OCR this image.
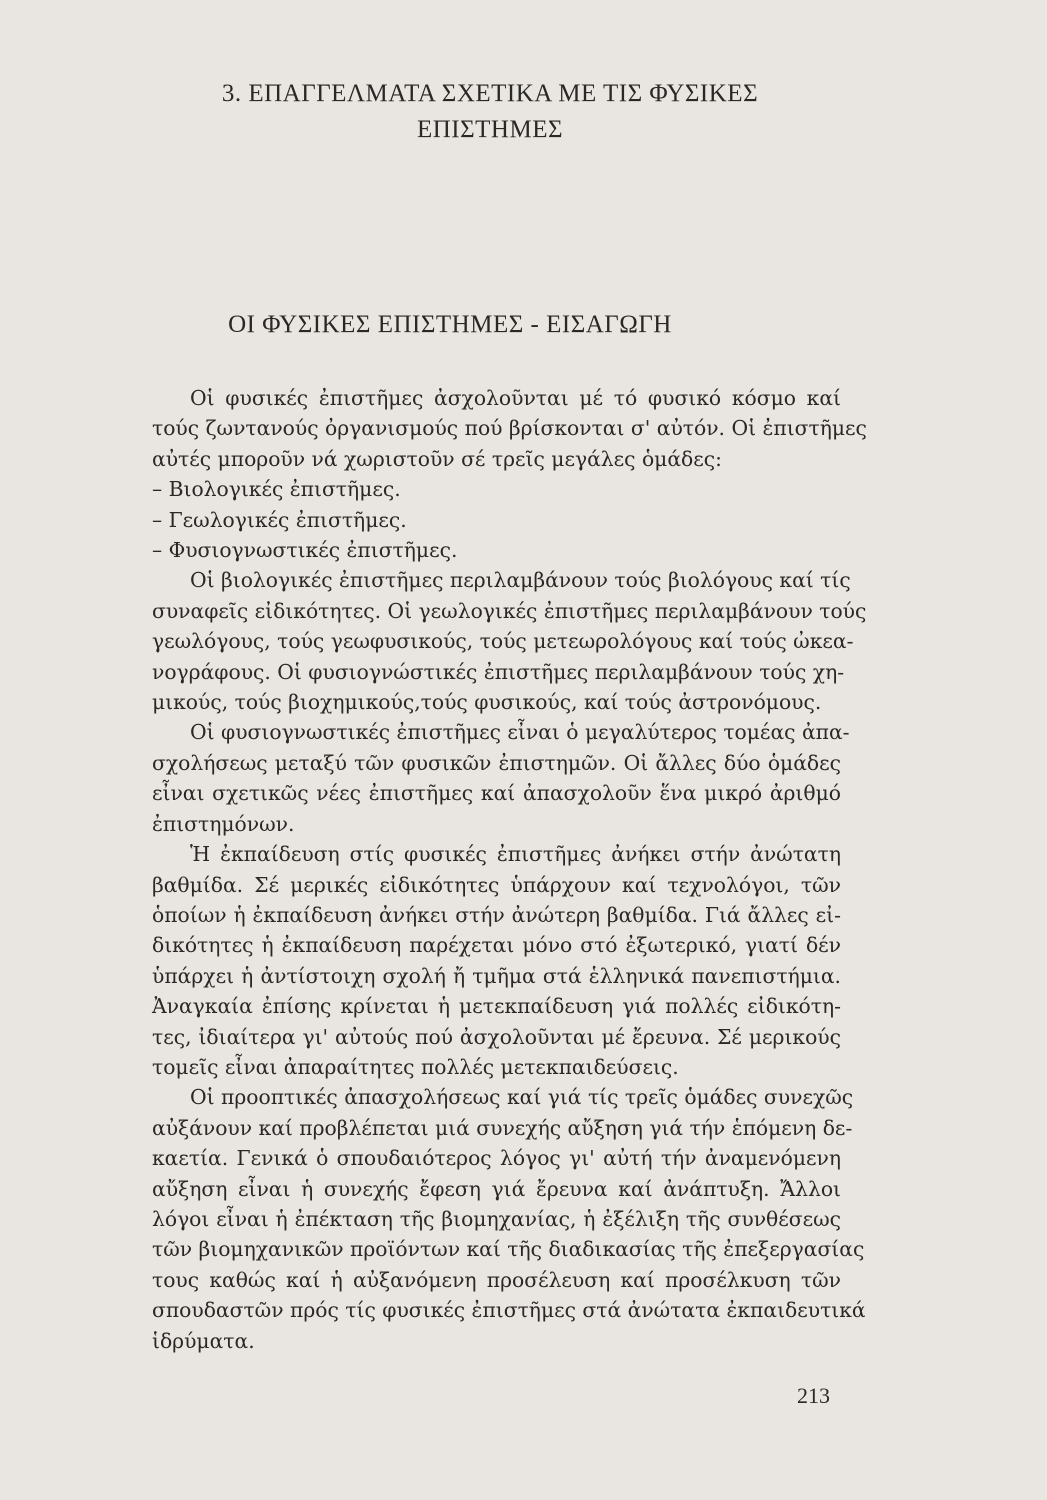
3. ΕΠΑΓΓΕΛΜΑΤΑ ΣΧΕΤΙΚΑ ΜΕ ΤΙΣ ΦΥΣΙΚΕΣ
ΕΠΙΣΤΗΜΕΣ
ΟΙ ΦΥΣΙΚΕΣ ΕΠΙΣΤΗΜΕΣ - ΕΙΣΑΓΩΓΗ
Οἱ φυσικές ἐπιστῆμες ἀσχολοῦνται μέ τό φυσικό κόσμο καί
τούς ζωντανούς ὀργανισμούς πού βρίσκονται σ' αὐτόν. Οἱ ἐπιστῆμες
αὐτές μποροῦν νά χωριστοῦν σέ τρεῖς μεγάλες ὁμάδες:
– Βιολογικές ἐπιστῆμες.
– Γεωλογικές ἐπιστῆμες.
– Φυσιογνωστικές ἐπιστῆμες.
Οἱ βιολογικές ἐπιστῆμες περιλαμβάνουν τούς βιολόγους καί τίς
συναφεῖς εἰδικότητες. Οἱ γεωλογικές ἐπιστῆμες περιλαμβάνουν τούς
γεωλόγους, τούς γεωφυσικούς, τούς μετεωρολόγους καί τούς ὠκεα-
νογράφους. Οἱ φυσιογνώστικές ἐπιστῆμες περιλαμβάνουν τούς χη-
μικούς, τούς βιοχημικούς,τούς φυσικούς, καί τούς ἀστρονόμους.
Οἱ φυσιογνωστικές ἐπιστῆμες εἶναι ὁ μεγαλύτερος τομέας ἀπα-
σχολήσεως μεταξύ τῶν φυσικῶν ἐπιστημῶν. Οἱ ἄλλες δύο ὁμάδες
εἶναι σχετικῶς νέες ἐπιστῆμες καί ἀπασχολοῦν ἕνα μικρό ἀριθμό
ἐπιστημόνων.
Ἡ ἐκπαίδευση στίς φυσικές ἐπιστῆμες ἀνήκει στήν ἀνώτατη
βαθμίδα. Σέ μερικές εἰδικότητες ὑπάρχουν καί τεχνολόγοι, τῶν
ὁποίων ἡ ἐκπαίδευση ἀνήκει στήν ἀνώτερη βαθμίδα. Γιά ἄλλες εἰ-
δικότητες ἡ ἐκπαίδευση παρέχεται μόνο στό ἐξωτερικό, γιατί δέν
ὑπάρχει ἡ ἀντίστοιχη σχολή ἤ τμῆμα στά ἑλληνικά πανεπιστήμια.
Ἀναγκαία ἐπίσης κρίνεται ἡ μετεκπαίδευση γιά πολλές εἰδικότη-
τες, ἰδιαίτερα γι' αὐτούς πού ἀσχολοῦνται μέ ἔρευνα. Σέ μερικούς
τομεῖς εἶναι ἀπαραίτητες πολλές μετεκπαιδεύσεις.
Οἱ προοπτικές ἀπασχολήσεως καί γιά τίς τρεῖς ὁμάδες συνεχῶς
αὐξάνουν καί προβλέπεται μιά συνεχής αὔξηση γιά τήν ἑπόμενη δε-
καετία. Γενικά ὁ σπουδαιότερος λόγος γι' αὐτή τήν ἀναμενόμενη
αὔξηση εἶναι ἡ συνεχής ἔφεση γιά ἔρευνα καί ἀνάπτυξη. Ἄλλοι
λόγοι εἶναι ἡ ἐπέκταση τῆς βιομηχανίας, ἡ ἐξέλιξη τῆς συνθέσεως
τῶν βιομηχανικῶν προϊόντων καί τῆς διαδικασίας τῆς ἐπεξεργασίας
τους καθώς καί ἡ αὐξανόμενη προσέλευση καί προσέλκυση τῶν
σπουδαστῶν πρός τίς φυσικές ἐπιστῆμες στά ἀνώτατα ἐκπαιδευτικά
ἱδρύματα.
213
